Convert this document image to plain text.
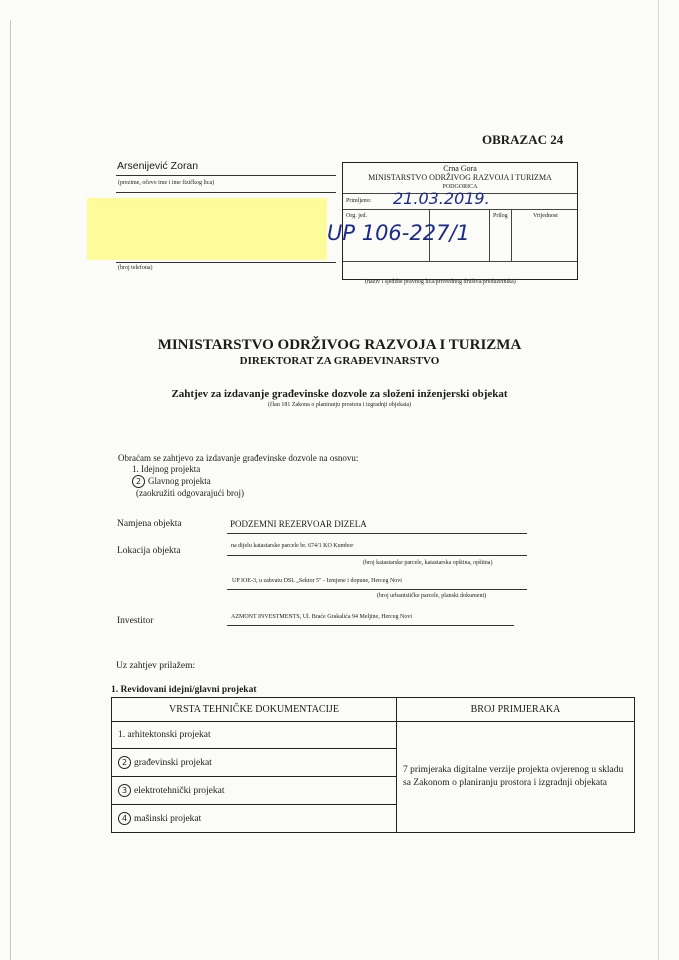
OBRAZAC 24
Arsenijević Zoran
(prezime, očevo ime i ime fizičkog lica)
(broj telefona)
Crna Gora
MINISTARSTVO ODRŽIVOG RAZVOJA I TURIZMA
PODGORICA
Primljeno: 21.03.2019.
Org. jed.	Prilog	Vrijednost
UP 106-227/1
(naziv i sjedište pravnog lica/privrednog društva/preduzetnika)
MINISTARSTVO ODRŽIVOG RAZVOJA I TURIZMA
DIREKTORAT ZA GRAĐEVINARSTVO
Zahtjev za izdavanje građevinske dozvole za složeni inženjerski objekat
(član 181 Zakona o planiranju prostora i izgradnji objekata)
Obraćam se zahtjevo za izdavanje građevinske dozvole na osnovu:
1. Idejnog projekta
2 Glavnog projekta
(zaokružiti odgovarajući broj)
Namjena objekta	PODZEMNI REZERVOAR DIZELA
Lokacija objekta	na dijelu katastarske parcele br. 674/1 KO Kumbor
(broj katastarske parcele, katastarska opština, opština)
UP IOE-3, u zahvatu DSL „Sektor 5" - Izmjene i dopune, Herceg Novi
(broj urbanističke parcele, planski dokument)
Investitor	AZMONT INVESTMENTS, Ul. Braće Grakalića 94 Meljine, Herceg Novi
Uz zahtjev prilažem:
1. Revidovani idejni/glavni projekat
VRSTA TEHNIČKE DOKUMENTACIJE	BROJ PRIMJERAKA
1. arhitektonski projekat	7 primjeraka digitalne verzije projekta ovjerenog u skladu sa Zakonom o planiranju prostora i izgradnji objekata
2 građevinski projekat	
3 elektrotehnički projekat	
4 mašinski projekat	
